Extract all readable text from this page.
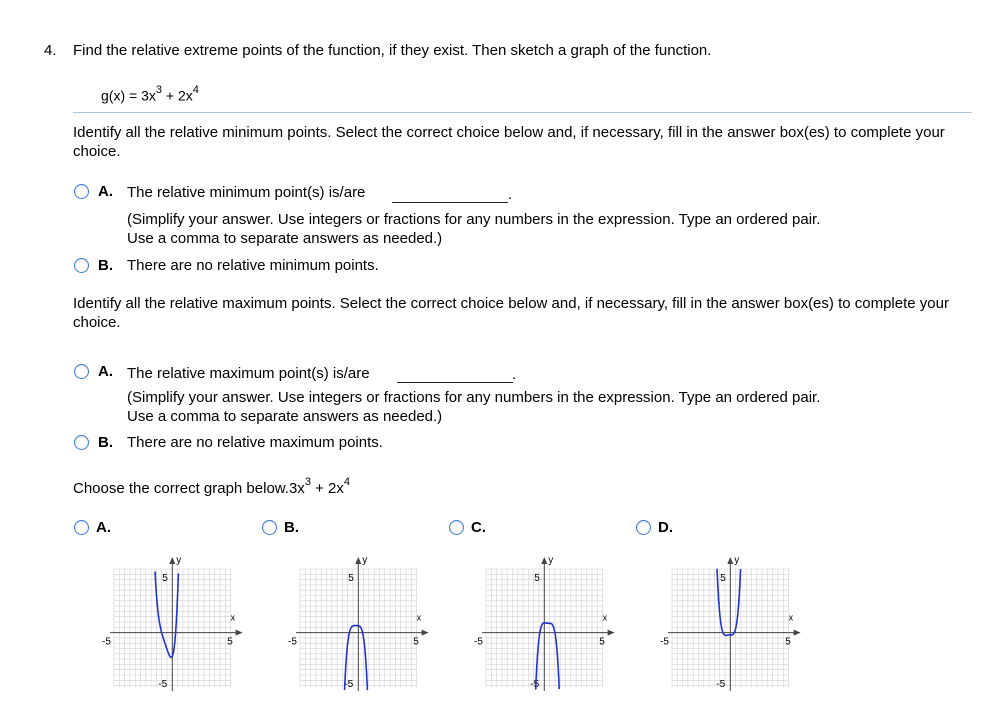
4. Find the relative extreme points of the function, if they exist. Then sketch a graph of the function.
$g(x) = 3x^3 + 2x^4$
Identify all the relative minimum points. Select the correct choice below and, if necessary, fill in the answer box(es) to complete your choice.
A. The relative minimum point(s) is/are	.
(Simplify your answer. Use integers or fractions for any numbers in the expression. Type an ordered pair. Use a comma to separate answers as needed.)
B. There are no relative minimum points.
Identify all the relative maximum points. Select the correct choice below and, if necessary, fill in the answer box(es) to complete your choice.
A. The relative maximum point(s) is/are	.
(Simplify your answer. Use integers or fractions for any numbers in the expression. Type an ordered pair. Use a comma to separate answers as needed.)
B. There are no relative maximum points.
Choose the correct graph $below.3x^3 + 2x^4$
A.	B.	C.	D.
y
x
-5	5
5
-5
y
x
-5	5
5
-5
y
x
-5	5
5
-5
y
x
-5	5
5
-5
